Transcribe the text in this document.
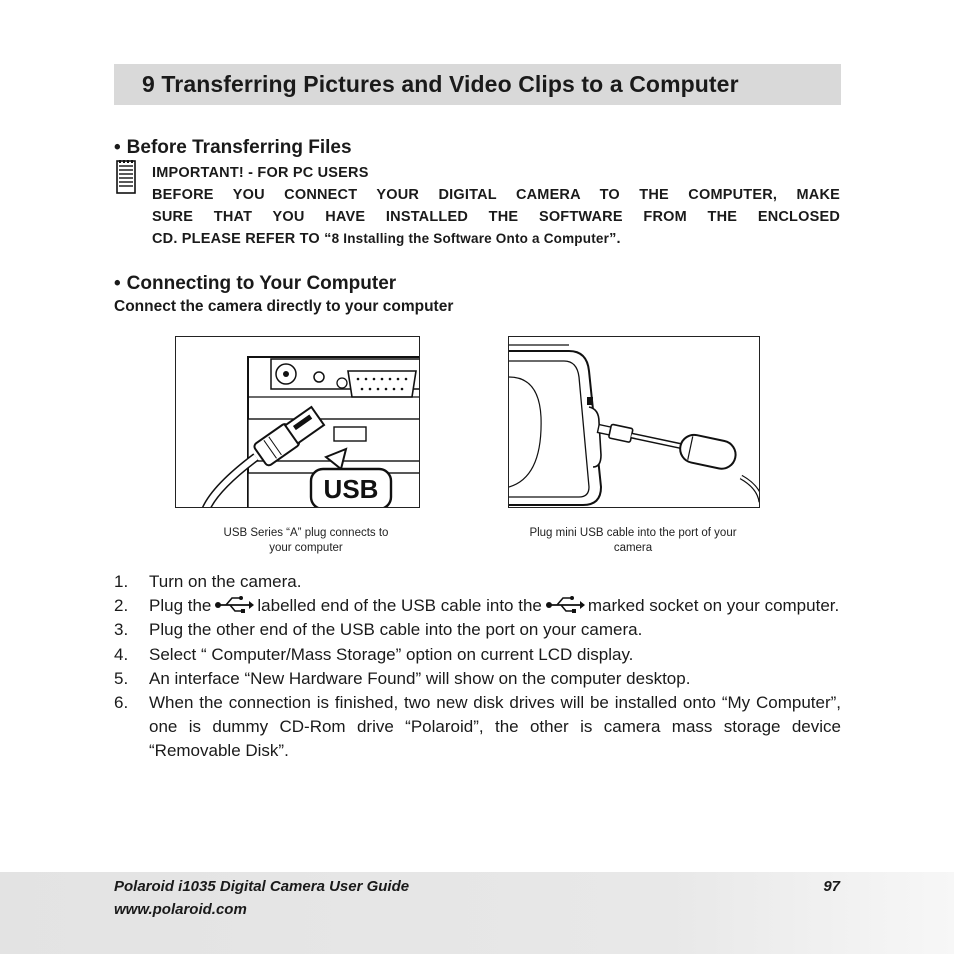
9 Transferring Pictures and Video Clips to a Computer
• Before Transferring Files
IMPORTANT! - FOR PC USERS
BEFORE YOU CONNECT YOUR DIGITAL CAMERA TO THE COMPUTER, MAKE
SURE THAT YOU HAVE INSTALLED THE SOFTWARE FROM THE ENCLOSED
CD. PLEASE REFER TO “8 Installing the Software Onto a Computer”.
• Connecting to Your Computer

Connect the camera directly to your computer

USB
USB Series “A” plug connects to
your computer
Plug mini USB cable into the port of your
camera
1.	Turn on the camera.
2.	Plug the	labelled end of the USB cable into the	marked socket on your computer.
3.	Plug the other end of the USB cable into the port on your camera.
4.	Select “ Computer/Mass Storage” option on current LCD display.
5.	An interface “New Hardware Found” will show on the computer desktop.
6.	When the connection is finished, two new disk drives will be installed onto “My Computer”, one is dummy CD-Rom drive “Polaroid”, the other is camera mass storage device “Removable Disk”.
Polaroid i1035 Digital Camera User Guide
www.polaroid.com
97
